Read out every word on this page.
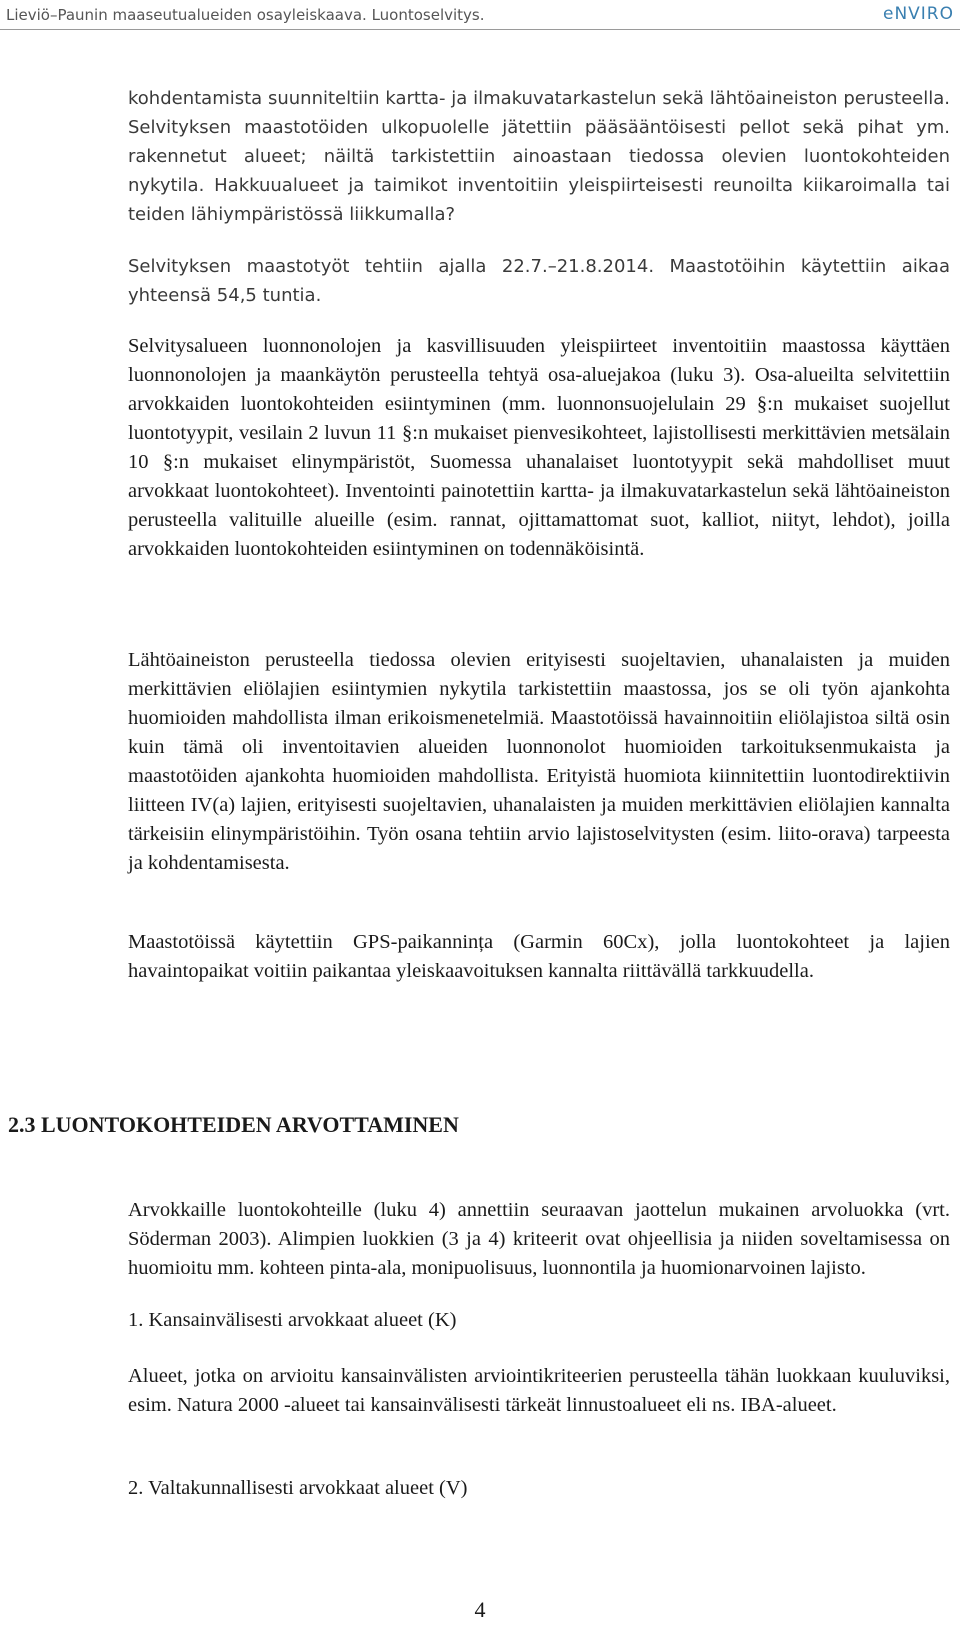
Lieviö–Paunin maaseutualueiden osayleiskaava. Luontoselvitys.	eNVIRO

kohdentamista suunniteltiin kartta- ja ilmakuvatarkastelun sekä lähtöaineiston perusteella. Selvityksen maastotöiden ulkopuolelle jätettiin pääsääntöisesti pellot sekä pihat ym. rakennetut alueet; näiltä tarkistettiin ainoastaan tiedossa olevien luontokohteiden nykytila. Hakkuualueet ja taimikot inventoitiin yleispiirteisesti reunoilta kiikaroimalla tai teiden lähiympäristössä liikkumalla?

Selvityksen maastotyöt tehtiin ajalla 22.7.–21.8.2014. Maastotöihin käytettiin aikaa yhteensä 54,5 tuntia.

Selvitysalueen luonnonolojen ja kasvillisuuden yleispiirteet inventoitiin maastossa käyttäen luonnonolojen ja maankäytön perusteella tehtyä osa-aluejakoa (luku 3). Osa-alueilta selvitettiin arvokkaiden luontokohteiden esiintyminen (mm. luonnonsuojelulain 29 §:n mukaiset suojellut luontotyypit, vesilain 2 luvun 11 §:n mukaiset pienvesikohteet, lajistollisesti merkittävien metsälain 10 §:n mukaiset elinympäristöt, Suomessa uhanalaiset luontotyypit sekä mahdolliset muut arvokkaat luontokohteet). Inventointi painotettiin kartta- ja ilmakuvatarkastelun sekä lähtöaineiston perusteella valituille alueille (esim. rannat, ojittamattomat suot, kalliot, niityt, lehdot), joilla arvokkaiden luontokohteiden esiintyminen on todennäköisintä.

Lähtöaineiston perusteella tiedossa olevien erityisesti suojeltavien, uhanalaisten ja muiden merkittävien eliölajien esiintymien nykytila tarkistettiin maastossa, jos se oli työn ajankohta huomioiden mahdollista ilman erikoismenetelmiä. Maastotöissä havainnoitiin eliölajistoa siltä osin kuin tämä oli inventoitavien alueiden luonnonolot huomioiden tarkoituksenmukaista ja maastotöiden ajankohta huomioiden mahdollista. Erityistä huomiota kiinnitettiin luontodirektiivin liitteen IV(a) lajien, erityisesti suojeltavien, uhanalaisten ja muiden merkittävien eliölajien kannalta tärkeisiin elinympäristöihin. Työn osana tehtiin arvio lajistoselvitysten (esim. liito-orava) tarpeesta ja kohdentamisesta.

Maastotöissä käytettiin GPS-paikannința (Garmin 60Cx), jolla luontokohteet ja lajien havaintopaikat voitiin paikantaa yleiskaavoituksen kannalta riittävällä tarkkuudella.

2.3 LUONTOKOHTEIDEN ARVOTTAMINEN

Arvokkaille luontokohteille (luku 4) annettiin seuraavan jaottelun mukainen arvoluokka (vrt. Söderman 2003). Alimpien luokkien (3 ja 4) kriteerit ovat ohjeellisia ja niiden soveltamisessa on huomioitu mm. kohteen pinta-ala, monipuolisuus, luonnontila ja huomionarvoinen lajisto.

1. Kansainvälisesti arvokkaat alueet (K)

Alueet, jotka on arvioitu kansainvälisten arviointikriteerien perusteella tähän luokkaan kuuluviksi, esim. Natura 2000 -alueet tai kansainvälisesti tärkeät linnustoalueet eli ns. IBA-alueet.

2. Valtakunnallisesti arvokkaat alueet (V)

4
